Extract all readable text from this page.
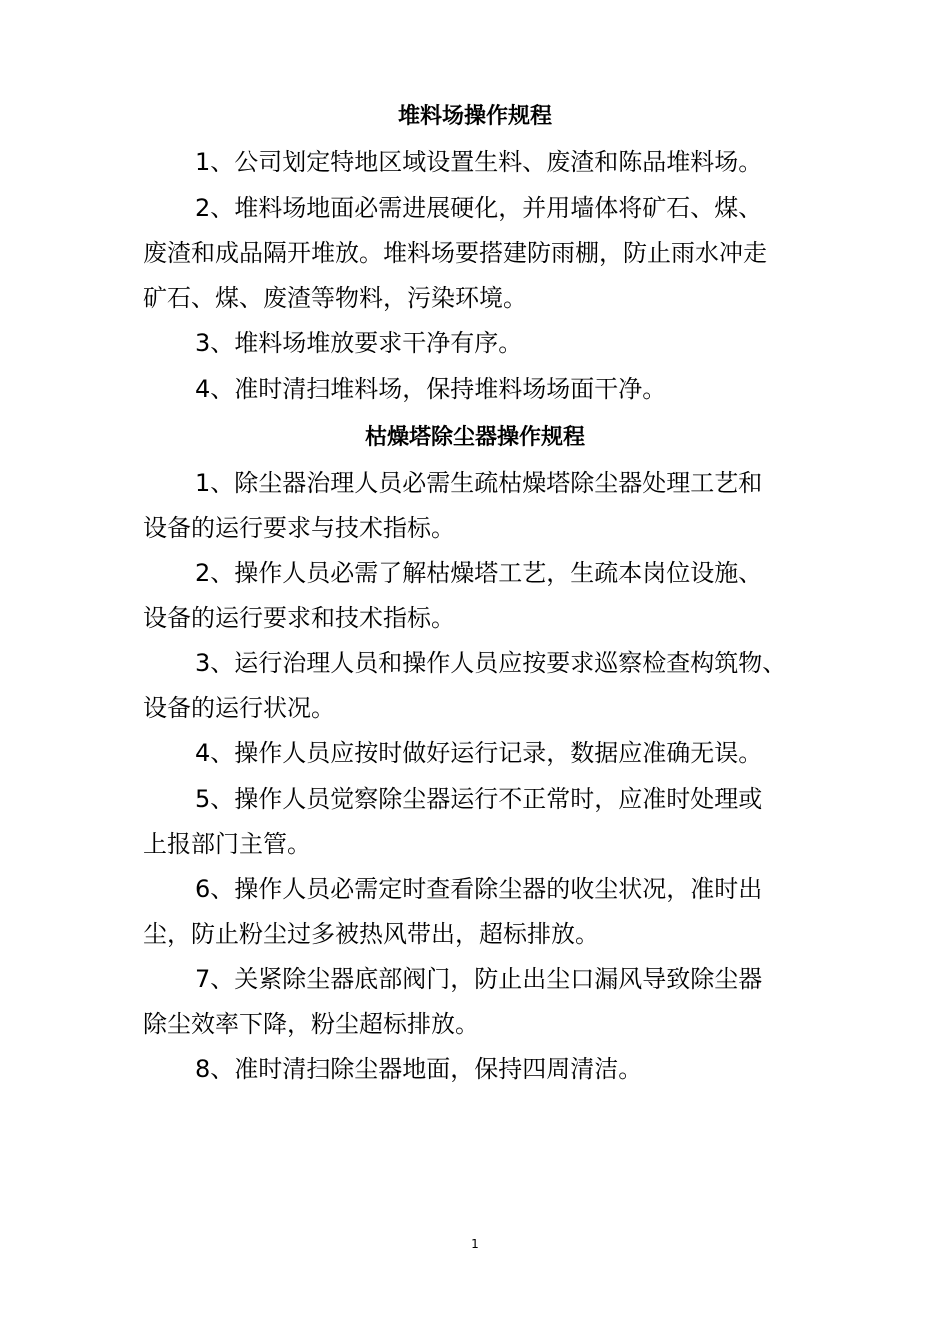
堆料场操作规程
1、公司划定特地区域设置生料、废渣和陈品堆料场。
2、堆料场地面必需进展硬化，并用墙体将矿石、煤、
废渣和成品隔开堆放。堆料场要搭建防雨棚，防止雨水冲走
矿石、煤、废渣等物料，污染环境。
3、堆料场堆放要求干净有序。
4、准时清扫堆料场，保持堆料场场面干净。
枯燥塔除尘器操作规程
1、除尘器治理人员必需生疏枯燥塔除尘器处理工艺和
设备的运行要求与技术指标。
2、操作人员必需了解枯燥塔工艺，生疏本岗位设施、
设备的运行要求和技术指标。
3、运行治理人员和操作人员应按要求巡察检查构筑物、
设备的运行状况。
4、操作人员应按时做好运行记录，数据应准确无误。
5、操作人员觉察除尘器运行不正常时，应准时处理或
上报部门主管。
6、操作人员必需定时查看除尘器的收尘状况，准时出
尘，防止粉尘过多被热风带出，超标排放。
7、关紧除尘器底部阀门，防止出尘口漏风导致除尘器
除尘效率下降，粉尘超标排放。
8、准时清扫除尘器地面，保持四周清洁。
1
